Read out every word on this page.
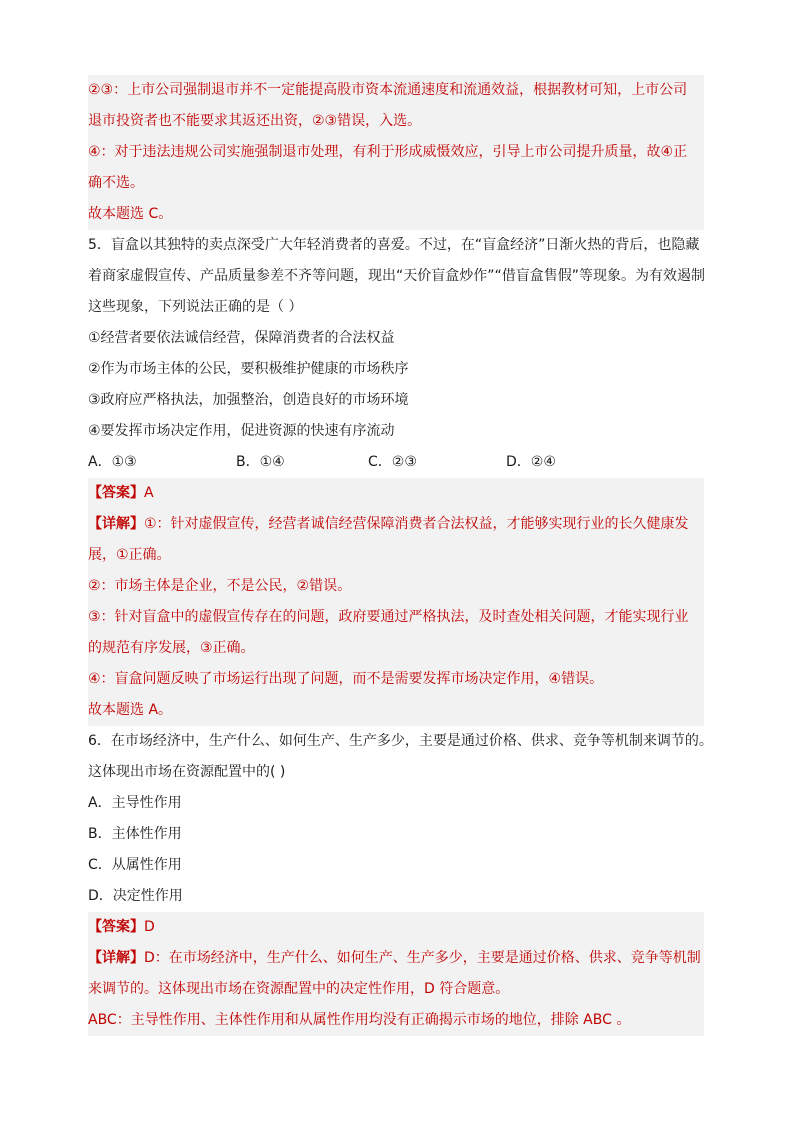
②③：上市公司强制退市并不一定能提高股市资本流通速度和流通效益，根据教材可知，上市公司
退市投资者也不能要求其返还出资，②③错误，入选。
④：对于违法违规公司实施强制退市处理，有利于形成威慑效应，引导上市公司提升质量，故④正
确不选。
故本题选 C。
5．盲盒以其独特的卖点深受广大年轻消费者的喜爱。不过，在“盲盒经济”日渐火热的背后，也隐藏
着商家虚假宣传、产品质量参差不齐等问题，现出“天价盲盒炒作”“借盲盒售假”等现象。为有效遏制
这些现象，下列说法正确的是（ ）
①经营者要依法诚信经营，保障消费者的合法权益
②作为市场主体的公民，要积极维护健康的市场秩序
③政府应严格执法，加强整治，创造良好的市场环境
④要发挥市场决定作用，促进资源的快速有序流动
A．①③	B．①④	C．②③	D．②④
【答案】A
【详解】①：针对虚假宣传，经营者诚信经营保障消费者合法权益，才能够实现行业的长久健康发
展，①正确。
②：市场主体是企业，不是公民，②错误。
③：针对盲盒中的虚假宣传存在的问题，政府要通过严格执法，及时查处相关问题，才能实现行业
的规范有序发展，③正确。
④：盲盒问题反映了市场运行出现了问题，而不是需要发挥市场决定作用，④错误。
故本题选 A。
6．在市场经济中，生产什么、如何生产、生产多少，主要是通过价格、供求、竞争等机制来调节的。
这体现出市场在资源配置中的( )
A．主导性作用
B．主体性作用
C．从属性作用
D．决定性作用
【答案】D
【详解】D：在市场经济中，生产什么、如何生产、生产多少，主要是通过价格、供求、竞争等机制
来调节的。这体现出市场在资源配置中的决定性作用，D 符合题意。
ABC：主导性作用、主体性作用和从属性作用均没有正确揭示市场的地位，排除 ABC 。
